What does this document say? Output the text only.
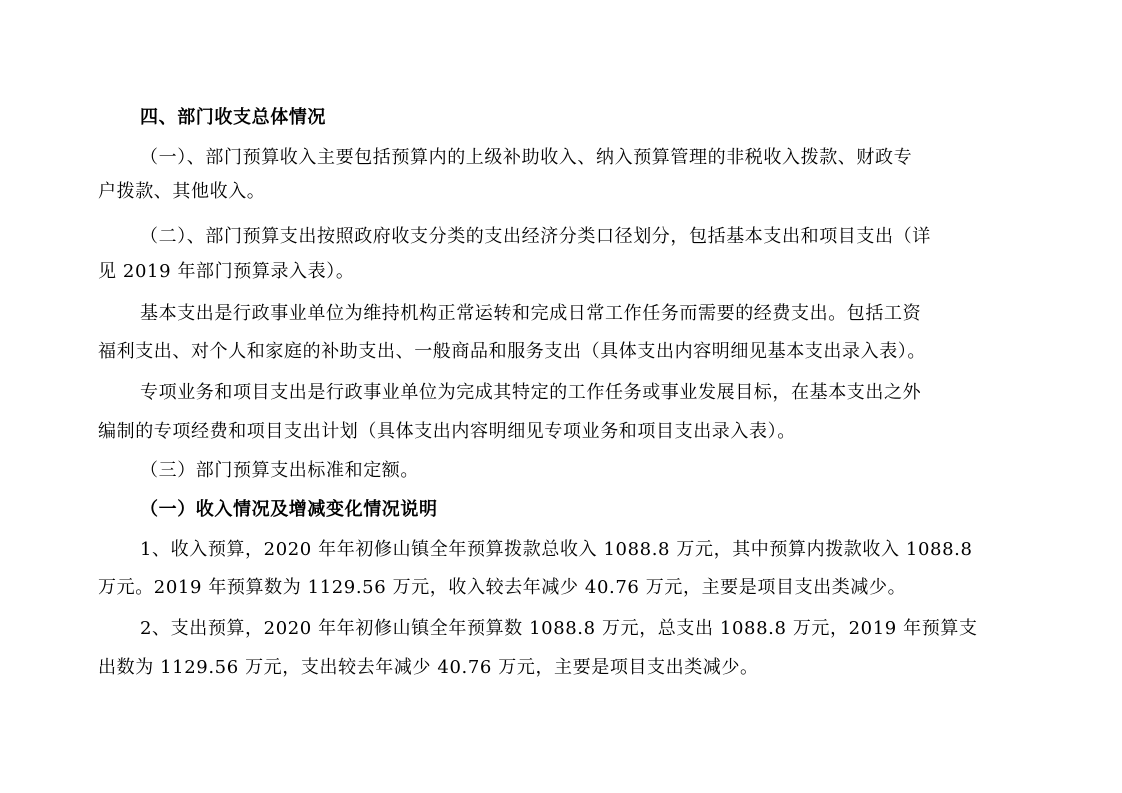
四、部门收支总体情况
（一）、部门预算收入主要包括预算内的上级补助收入、纳入预算管理的非税收入拨款、财政专
户拨款、其他收入。
（二）、部门预算支出按照政府收支分类的支出经济分类口径划分，包括基本支出和项目支出（详
见 2019 年部门预算录入表）。
基本支出是行政事业单位为维持机构正常运转和完成日常工作任务而需要的经费支出。包括工资
福利支出、对个人和家庭的补助支出、一般商品和服务支出（具体支出内容明细见基本支出录入表）。
专项业务和项目支出是行政事业单位为完成其特定的工作任务或事业发展目标，在基本支出之外
编制的专项经费和项目支出计划（具体支出内容明细见专项业务和项目支出录入表）。
（三）部门预算支出标准和定额。
（一）收入情况及增减变化情况说明
1、收入预算，2020 年年初修山镇全年预算拨款总收入 1088.8 万元，其中预算内拨款收入 1088.8
万元。2019 年预算数为 1129.56 万元，收入较去年减少 40.76 万元，主要是项目支出类减少。
2、支出预算，2020 年年初修山镇全年预算数 1088.8 万元，总支出 1088.8 万元，2019 年预算支
出数为 1129.56 万元，支出较去年减少 40.76 万元，主要是项目支出类减少。
